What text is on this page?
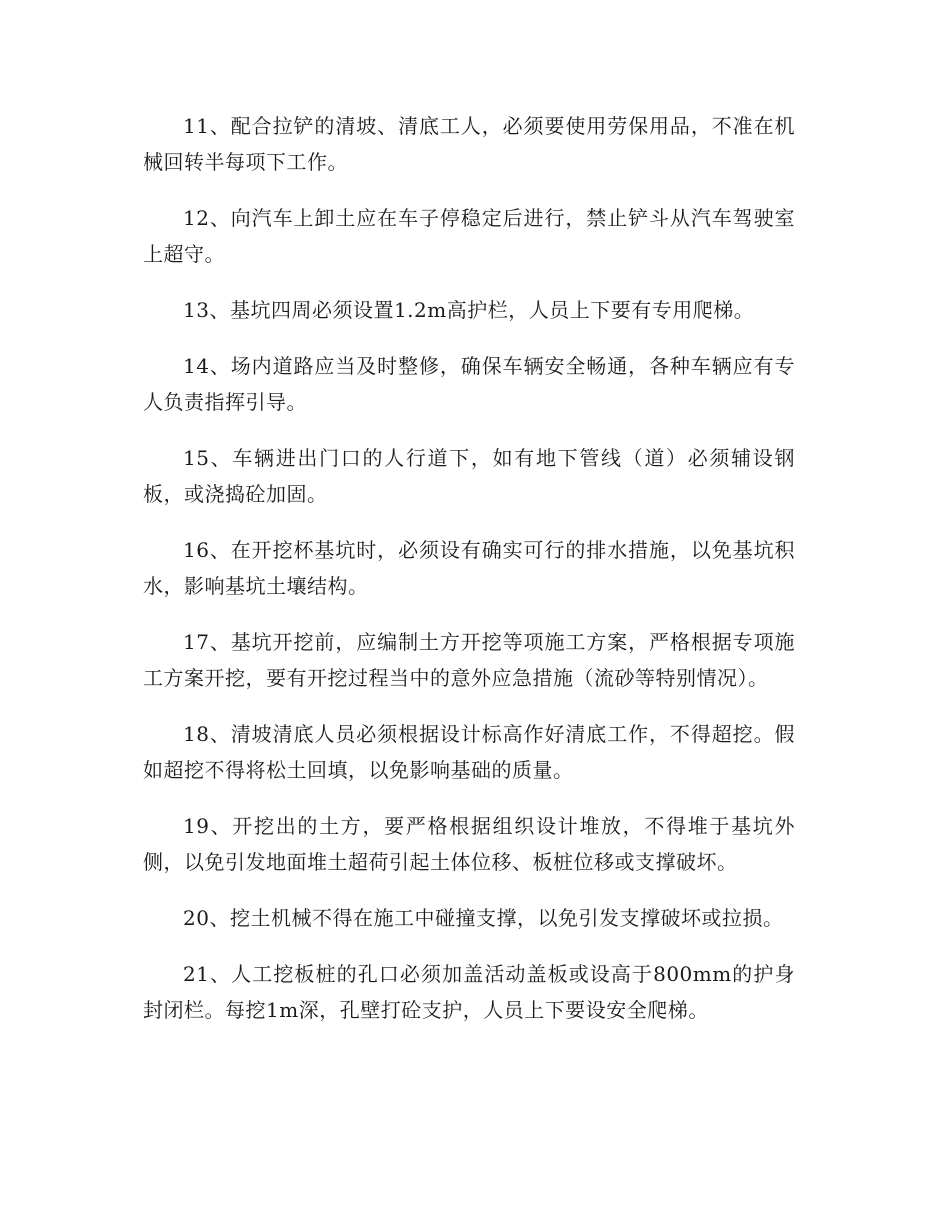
11、配合拉铲的清坡、清底工人，必须要使用劳保用品，不准在机械回转半每项下工作。

12、向汽车上卸土应在车子停稳定后进行，禁止铲斗从汽车驾驶室上超守。

13、基坑四周必须设置1.2m高护栏，人员上下要有专用爬梯。

14、场内道路应当及时整修，确保车辆安全畅通，各种车辆应有专人负责指挥引导。

15、车辆进出门口的人行道下，如有地下管线（道）必须辅设钢板，或浇捣砼加固。

16、在开挖杯基坑时，必须设有确实可行的排水措施，以免基坑积水，影响基坑土壤结构。

17、基坑开挖前，应编制土方开挖等项施工方案，严格根据专项施工方案开挖，要有开挖过程当中的意外应急措施（流砂等特别情况）。

18、清坡清底人员必须根据设计标高作好清底工作，不得超挖。假如超挖不得将松土回填，以免影响基础的质量。

19、开挖出的土方，要严格根据组织设计堆放，不得堆于基坑外侧，以免引发地面堆土超荷引起土体位移、板桩位移或支撑破坏。

20、挖土机械不得在施工中碰撞支撑，以免引发支撑破坏或拉损。

21、人工挖板桩的孔口必须加盖活动盖板或设高于800mm的护身封闭栏。每挖1m深，孔壁打砼支护，人员上下要设安全爬梯。
